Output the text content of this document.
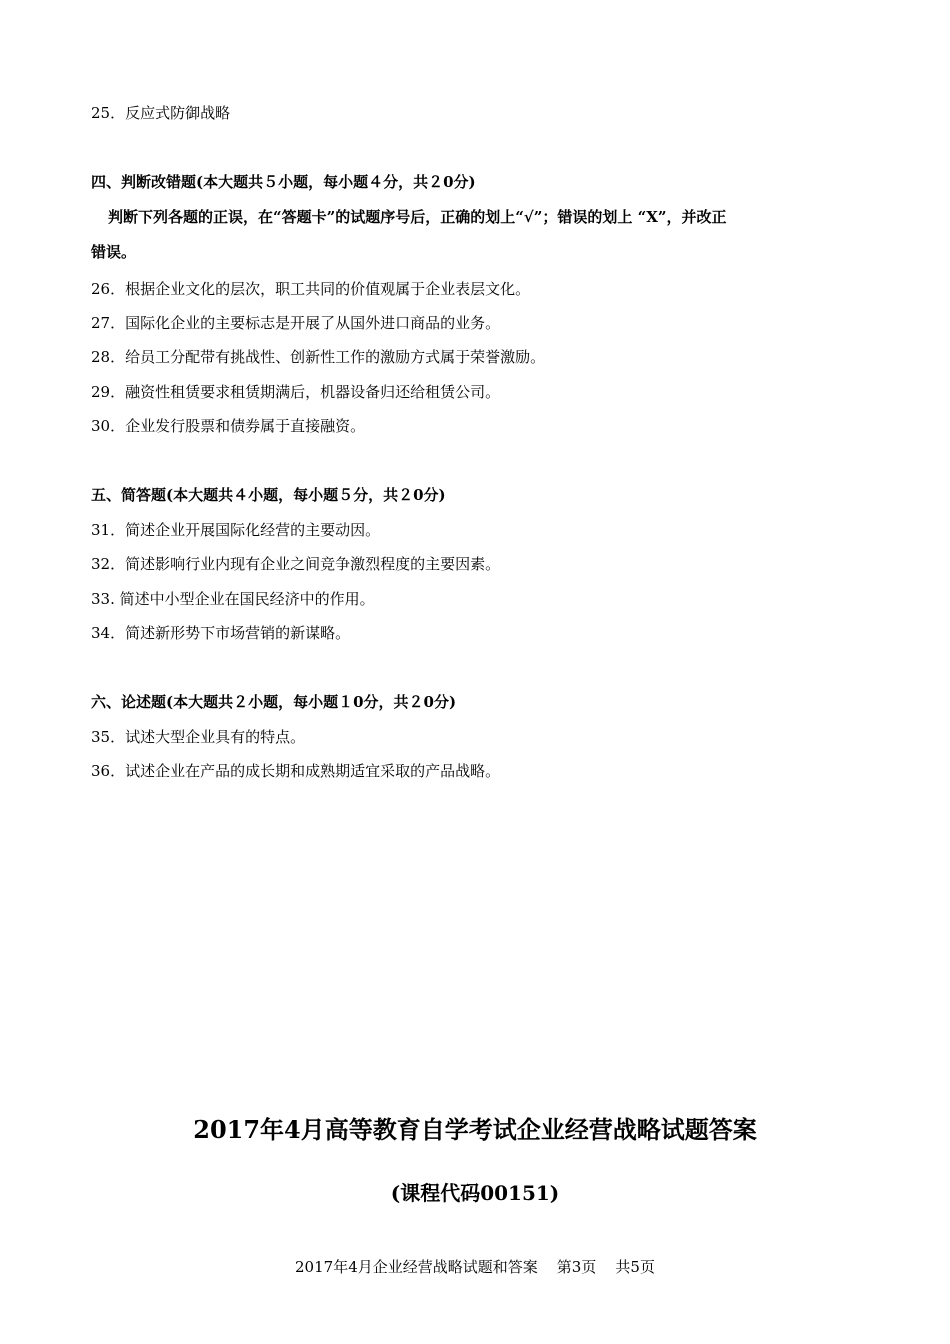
25．反应式防御战略
四、判断改错题(本大题共５小题，每小题４分，共２0分)
判断下列各题的正误，在“答题卡”的试题序号后，正确的划上“√”；错误的划上 “X”，并改正
错误。
26．根据企业文化的层次，职工共同的价值观属于企业表层文化。
27．国际化企业的主要标志是开展了从国外进口商品的业务。
28．给员工分配带有挑战性、创新性工作的激励方式属于荣誉激励。
29．融资性租赁要求租赁期满后，机器设备归还给租赁公司。
30．企业发行股票和债券属于直接融资。
五、简答题(本大题共４小题，每小题５分，共２0分)
31．简述企业开展国际化经营的主要动因。
32．简述影响行业内现有企业之间竞争激烈程度的主要因素。
33. 简述中小型企业在国民经济中的作用。
34．简述新形势下市场营销的新谋略。
六、论述题(本大题共２小题，每小题１0分，共２0分)
35．试述大型企业具有的特点。
36．试述企业在产品的成长期和成熟期适宜采取的产品战略。
2017年4月高等教育自学考试企业经营战略试题答案
(课程代码00151)
2017年4月企业经营战略试题和答案    第3页    共5页
